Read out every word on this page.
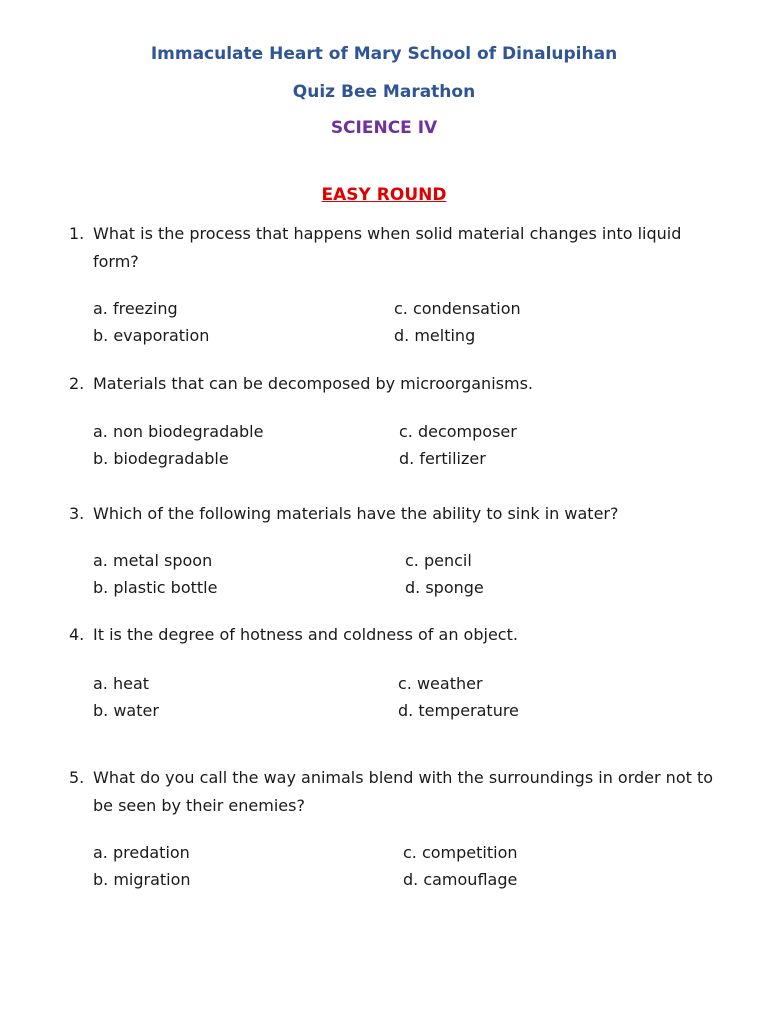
Immaculate Heart of Mary School of Dinalupihan
Quiz Bee Marathon
SCIENCE IV
EASY ROUND
1. What is the process that happens when solid material changes into liquid form?
a. freezing
b. evaporation
c. condensation
d. melting
2. Materials that can be decomposed by microorganisms.
a. non biodegradable
b. biodegradable
c. decomposer
d. fertilizer
3. Which of the following materials have the ability to sink in water?
a. metal spoon
b. plastic bottle
c. pencil
d. sponge
4. It is the degree of hotness and coldness of an object.
a. heat
b. water
c. weather
d. temperature
5. What do you call the way animals blend with the surroundings in order not to be seen by their enemies?
a. predation
b. migration
c. competition
d. camouflage
